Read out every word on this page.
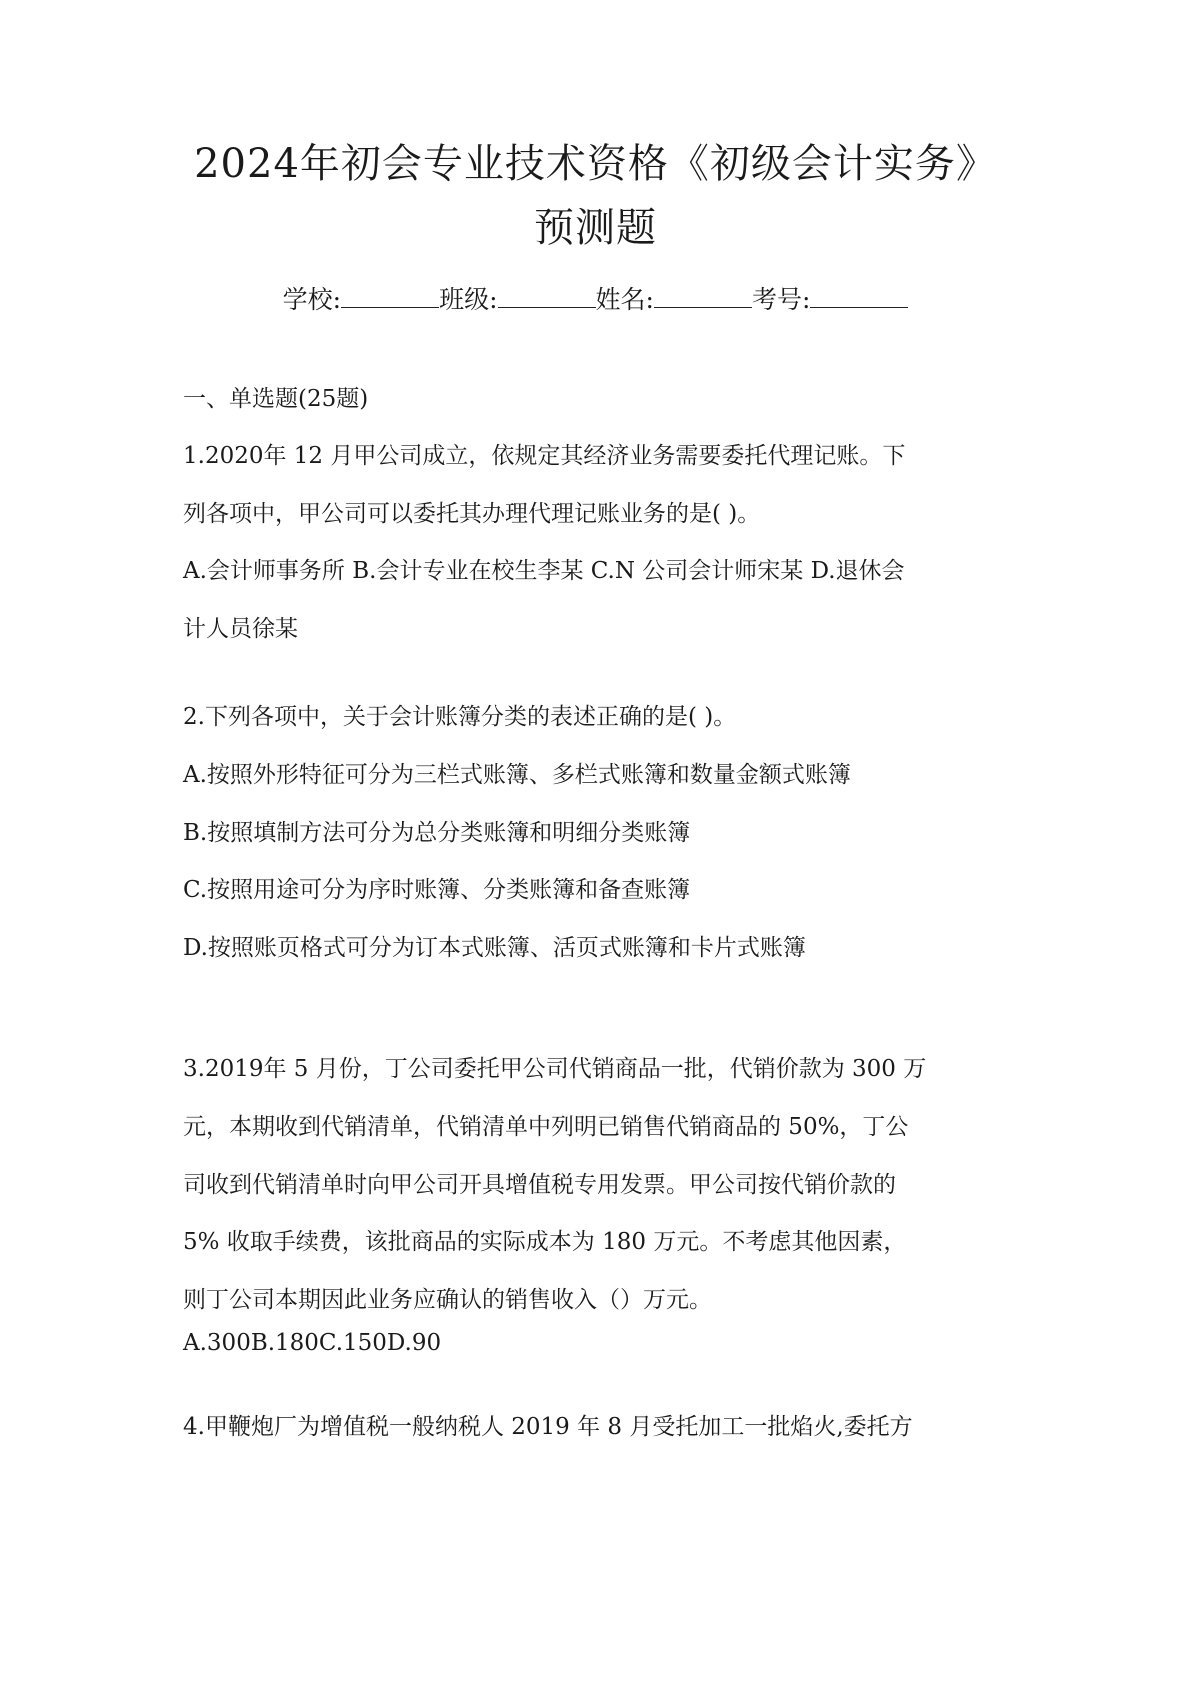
2024年初会专业技术资格《初级会计实务》
预测题
学校:	班级:	姓名:	考号:
一、单选题(25题)
1.2020年 12 月甲公司成立，依规定其经济业务需要委托代理记账。下
列各项中，甲公司可以委托其办理代理记账业务的是( )。
A.会计师事务所 B.会计专业在校生李某 C.N 公司会计师宋某 D.退休会
计人员徐某
2.下列各项中，关于会计账簿分类的表述正确的是( )。
A.按照外形特征可分为三栏式账簿、多栏式账簿和数量金额式账簿
B.按照填制方法可分为总分类账簿和明细分类账簿
C.按照用途可分为序时账簿、分类账簿和备查账簿
D.按照账页格式可分为订本式账簿、活页式账簿和卡片式账簿
3.2019年 5 月份，丁公司委托甲公司代销商品一批，代销价款为 300 万
元，本期收到代销清单，代销清单中列明已销售代销商品的 50%，丁公
司收到代销清单时向甲公司开具增值税专用发票。甲公司按代销价款的
5% 收取手续费，该批商品的实际成本为 180 万元。不考虑其他因素，
则丁公司本期因此业务应确认的销售收入（）万元。
A.300B.180C.150D.90
4.甲鞭炮厂为增值税一般纳税人 2019 年 8 月受托加工一批焰火,委托方
